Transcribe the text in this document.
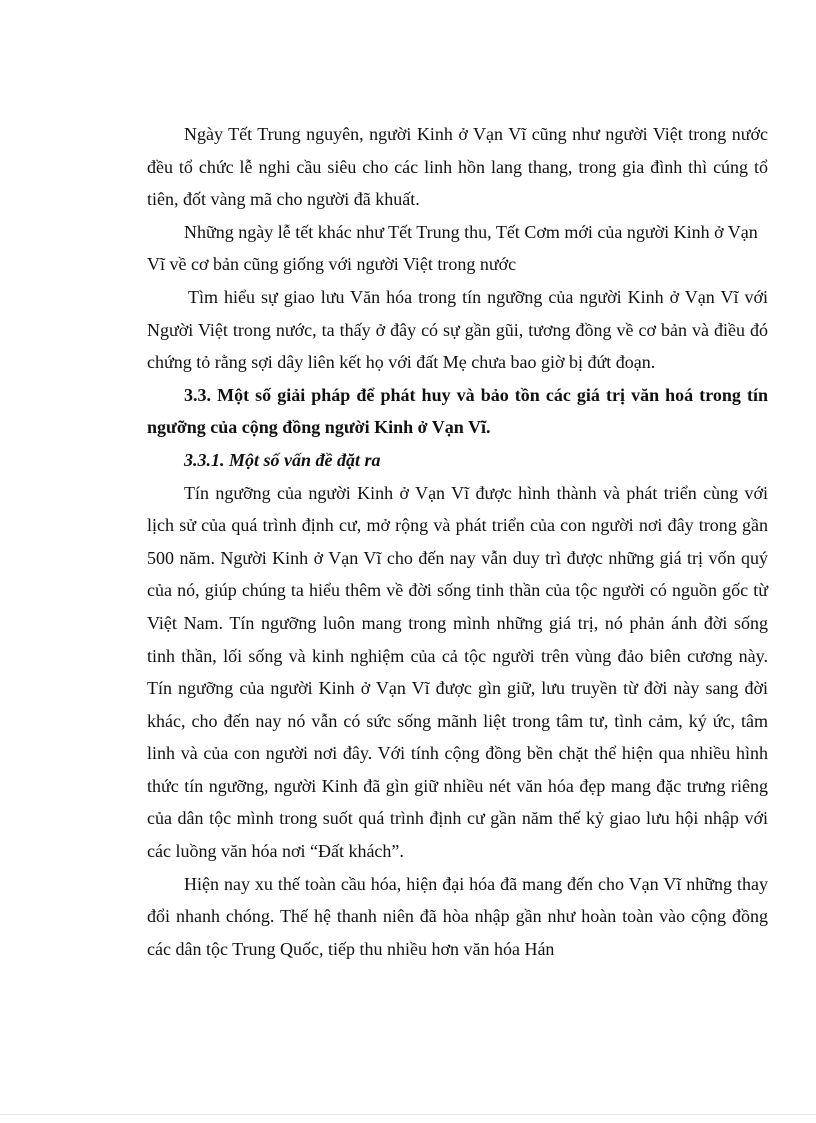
Ngày Tết Trung nguyên, người Kinh ở Vạn Vĩ cũng như người Việt trong nước đều tổ chức lễ nghi cầu siêu cho các linh hồn lang thang, trong gia đình thì cúng tổ tiên, đốt vàng mã cho người đã khuất.

Những ngày lễ tết khác như Tết Trung thu, Tết Cơm mới của người Kinh ở Vạn Vĩ về cơ bản cũng giống với người Việt trong nước

Tìm hiểu sự giao lưu Văn hóa trong tín ngưỡng của người Kinh ở Vạn Vĩ với Người Việt trong nước, ta thấy ở đây có sự gần gũi, tương đồng về cơ bản và điều đó chứng tỏ rằng sợi dây liên kết họ với đất Mẹ chưa bao giờ bị đứt đoạn.

3.3. Một số giải pháp để phát huy và bảo tồn các giá trị văn hoá trong tín ngưỡng của cộng đồng người Kinh ở Vạn Vĩ.

3.3.1. Một số vấn đề đặt ra

Tín ngưỡng của người Kinh ở Vạn Vĩ được hình thành và phát triển cùng với lịch sử của quá trình định cư, mở rộng và phát triển của con người nơi đây trong gần 500 năm. Người Kinh ở Vạn Vĩ cho đến nay vẫn duy trì được những giá trị vốn quý của nó, giúp chúng ta hiểu thêm về đời sống tinh thần của tộc người có nguồn gốc từ Việt Nam. Tín ngưỡng luôn mang trong mình những giá trị, nó phản ánh đời sống tinh thần, lối sống và kinh nghiệm của cả tộc người trên vùng đảo biên cương này. Tín ngưỡng của người Kinh ở Vạn Vĩ được gìn giữ, lưu truyền từ đời này sang đời khác, cho đến nay nó vẫn có sức sống mãnh liệt trong tâm tư, tình cảm, ký ức, tâm linh và của con người nơi đây. Với tính cộng đồng bền chặt thể hiện qua nhiều hình thức tín ngưỡng, người Kinh đã gìn giữ nhiều nét văn hóa đẹp mang đặc trưng riêng của dân tộc mình trong suốt quá trình định cư gần năm thế kỷ giao lưu hội nhập với các luồng văn hóa nơi “Đất khách”.

Hiện nay xu thế toàn cầu hóa, hiện đại hóa đã mang đến cho Vạn Vĩ những thay đổi nhanh chóng. Thế hệ thanh niên đã hòa nhập gần như hoàn toàn vào cộng đồng các dân tộc Trung Quốc, tiếp thu nhiều hơn văn hóa Hán
